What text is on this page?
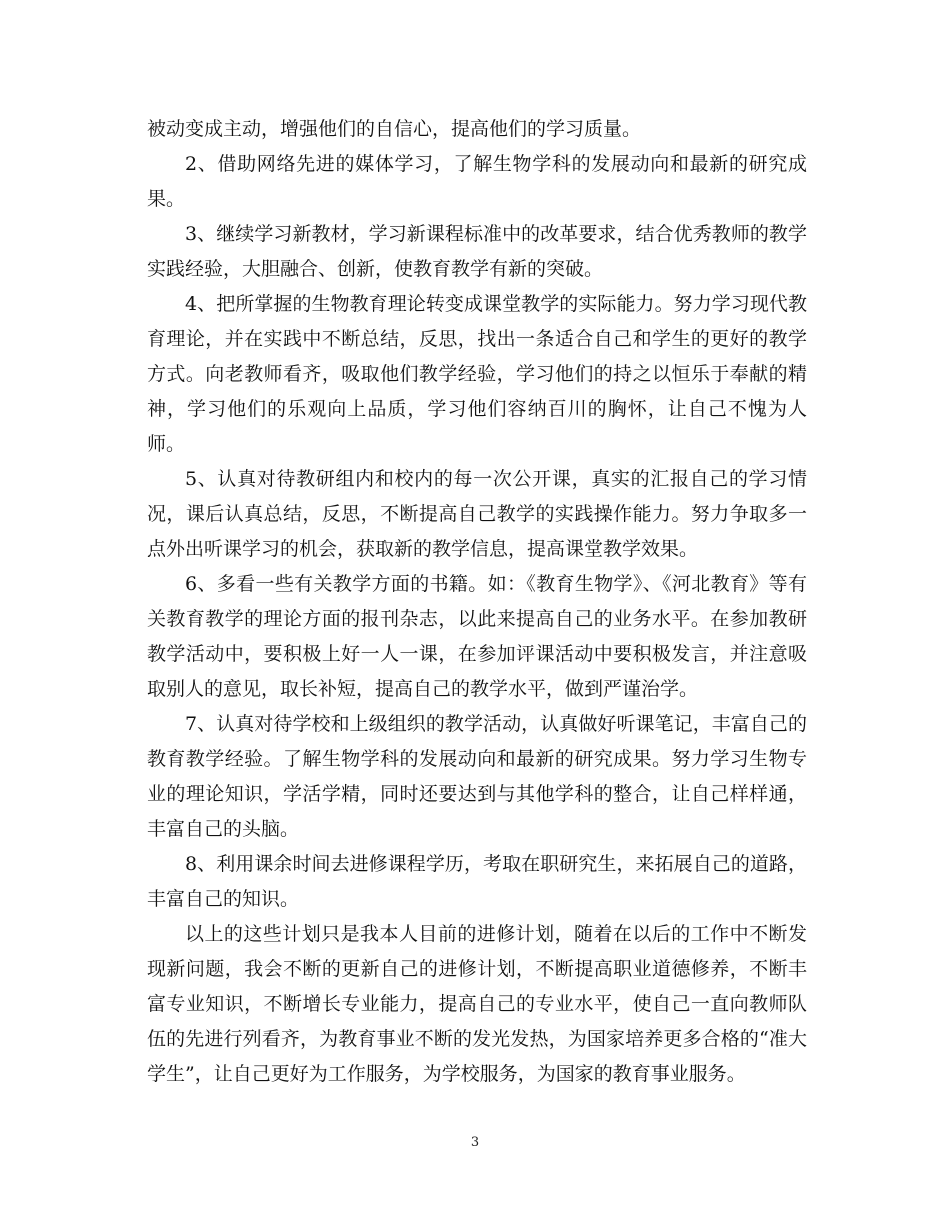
被动变成主动，增强他们的自信心，提高他们的学习质量。

2、借助网络先进的媒体学习，了解生物学科的发展动向和最新的研究成果。

3、继续学习新教材，学习新课程标准中的改革要求，结合优秀教师的教学实践经验，大胆融合、创新，使教育教学有新的突破。

4、把所掌握的生物教育理论转变成课堂教学的实际能力。努力学习现代教育理论，并在实践中不断总结，反思，找出一条适合自己和学生的更好的教学方式。向老教师看齐，吸取他们教学经验，学习他们的持之以恒乐于奉献的精神，学习他们的乐观向上品质，学习他们容纳百川的胸怀，让自己不愧为人师。

5、认真对待教研组内和校内的每一次公开课，真实的汇报自己的学习情况，课后认真总结，反思，不断提高自己教学的实践操作能力。努力争取多一点外出听课学习的机会，获取新的教学信息，提高课堂教学效果。

6、多看一些有关教学方面的书籍。如：《教育生物学》、《河北教育》等有关教育教学的理论方面的报刊杂志，以此来提高自己的业务水平。在参加教研教学活动中，要积极上好一人一课，在参加评课活动中要积极发言，并注意吸取别人的意见，取长补短，提高自己的教学水平，做到严谨治学。

7、认真对待学校和上级组织的教学活动，认真做好听课笔记，丰富自己的教育教学经验。了解生物学科的发展动向和最新的研究成果。努力学习生物专业的理论知识，学活学精，同时还要达到与其他学科的整合，让自己样样通，丰富自己的头脑。

8、利用课余时间去进修课程学历，考取在职研究生，来拓展自己的道路，丰富自己的知识。

以上的这些计划只是我本人目前的进修计划，随着在以后的工作中不断发现新问题，我会不断的更新自己的进修计划，不断提高职业道德修养，不断丰富专业知识，不断增长专业能力，提高自己的专业水平，使自己一直向教师队伍的先进行列看齐，为教育事业不断的发光发热，为国家培养更多合格的“准大学生”，让自己更好为工作服务，为学校服务，为国家的教育事业服务。

3
